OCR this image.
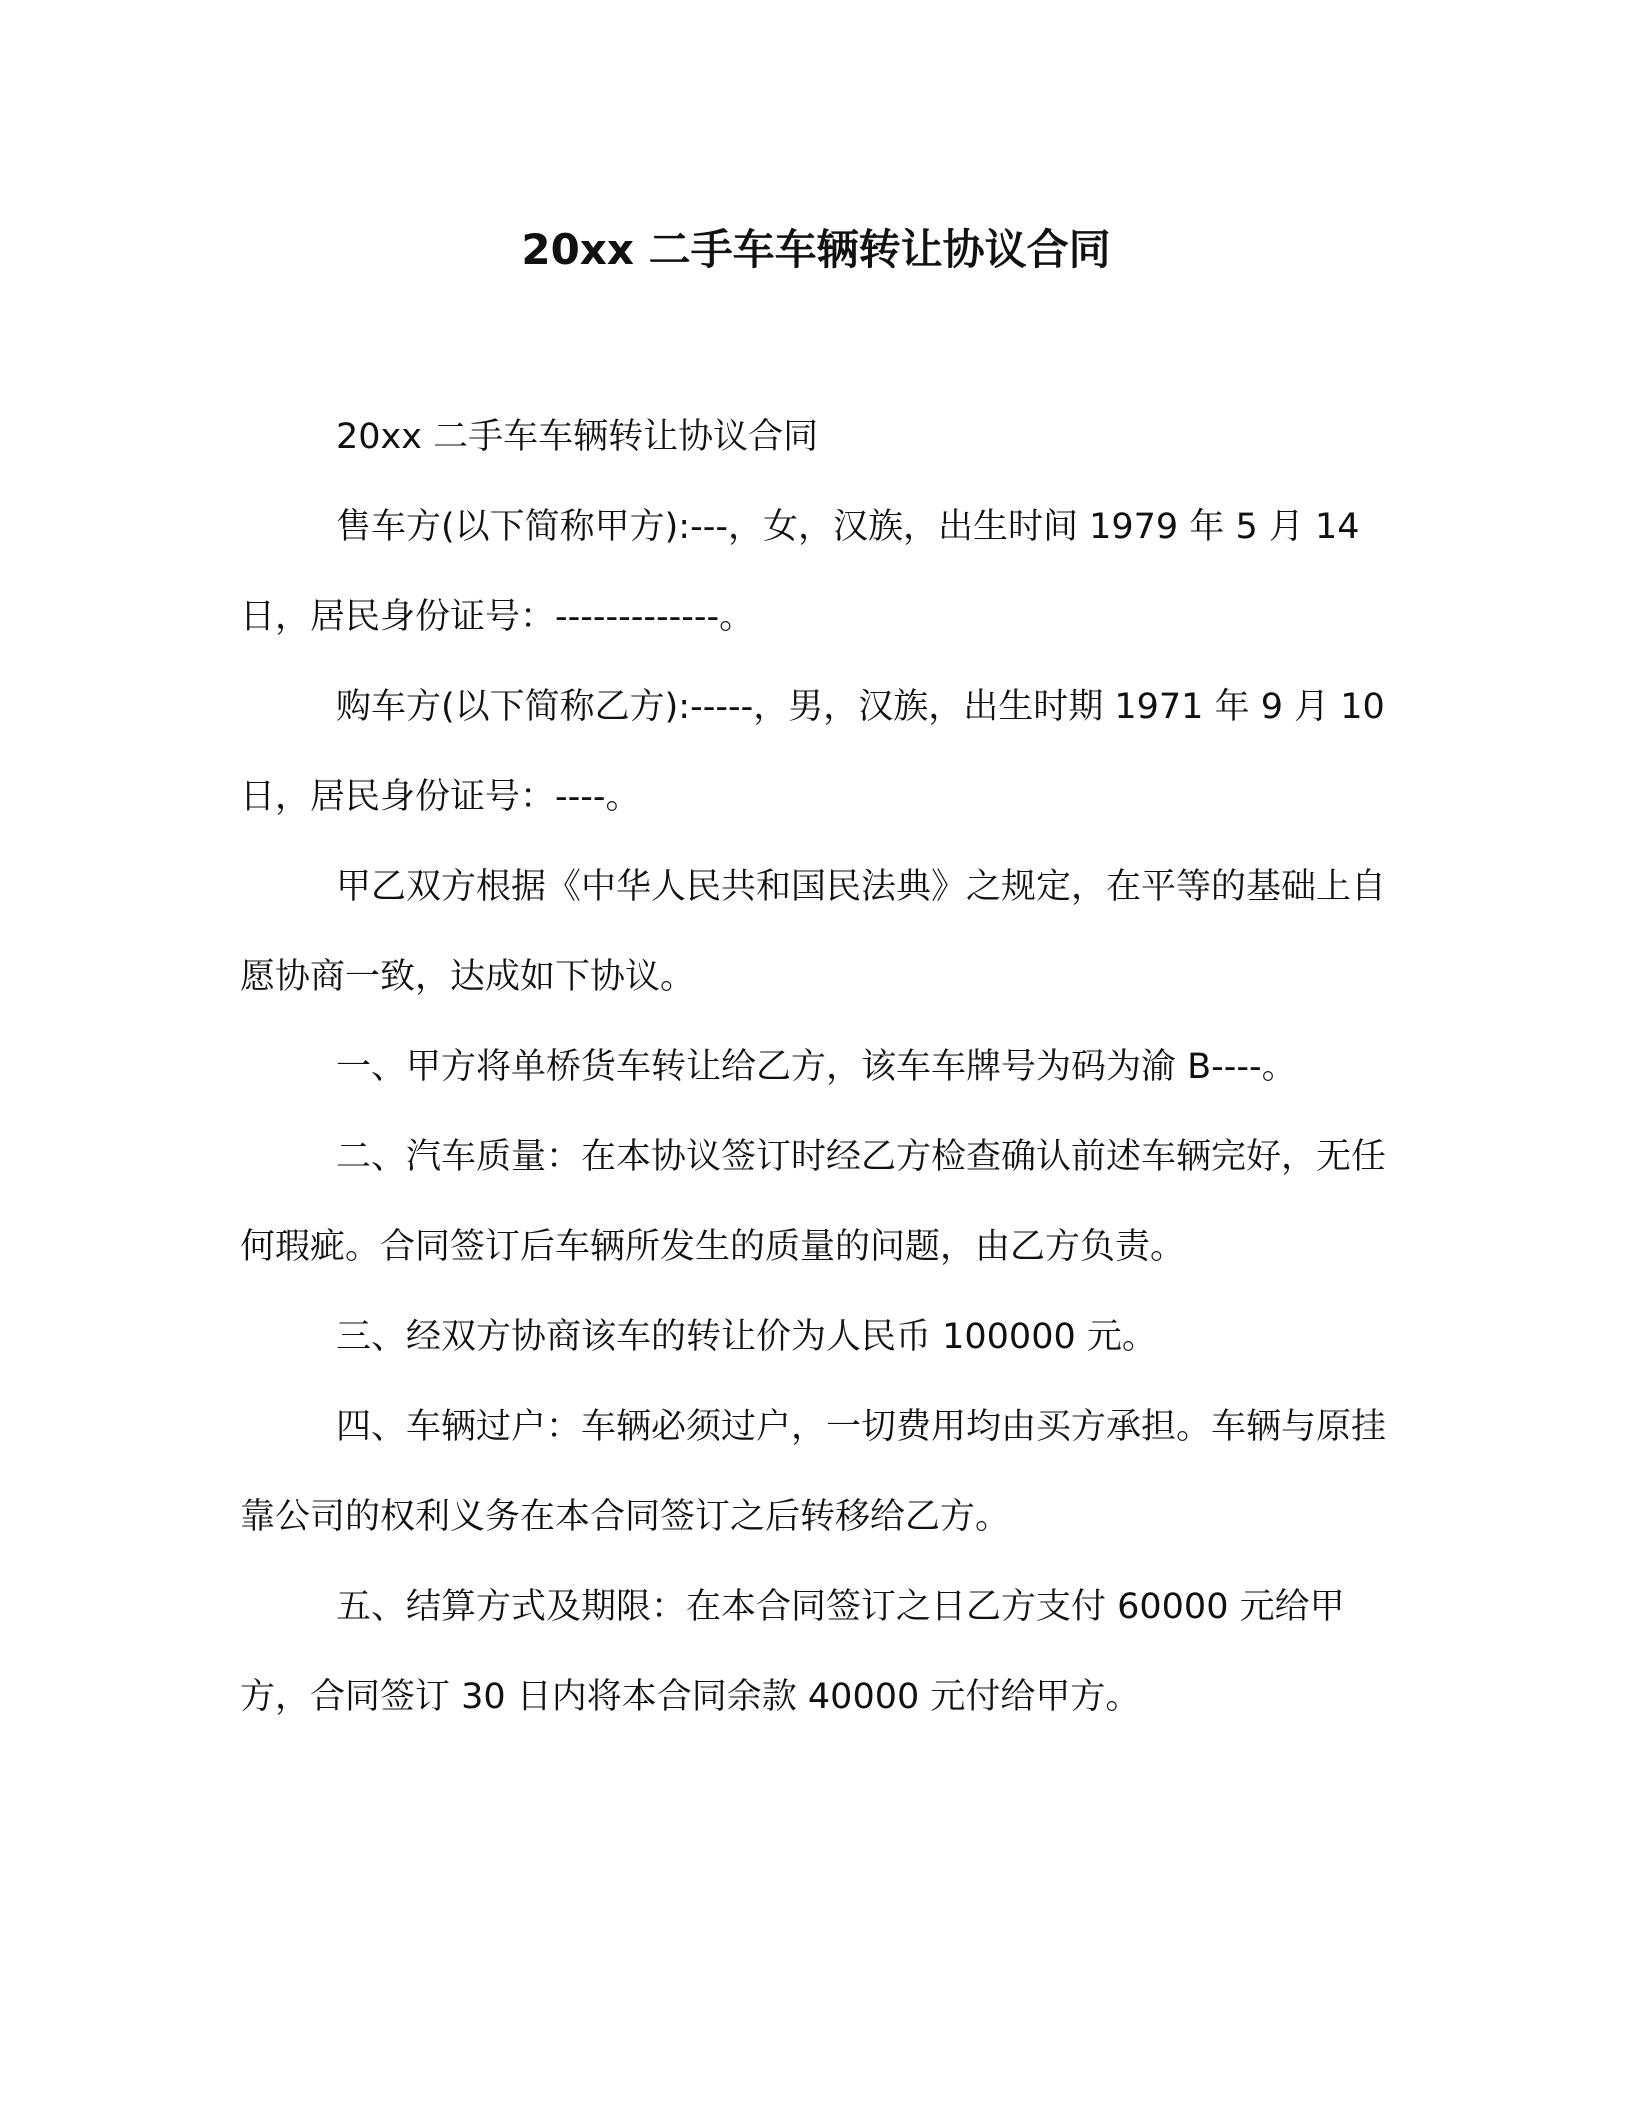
20xx 二手车车辆转让协议合同

20xx 二手车车辆转让协议合同

售车方(以下简称甲方):---，女，汉族，出生时间 1979 年 5 月 14 日，居民身份证号：-------------。

购车方(以下简称乙方):-----，男，汉族，出生时期 1971 年 9 月 10 日，居民身份证号：----。

甲乙双方根据《中华人民共和国民法典》之规定，在平等的基础上自愿协商一致，达成如下协议。

一、甲方将单桥货车转让给乙方，该车车牌号为码为渝 B----。

二、汽车质量：在本协议签订时经乙方检查确认前述车辆完好，无任何瑕疵。合同签订后车辆所发生的质量的问题，由乙方负责。

三、经双方协商该车的转让价为人民币 100000 元。

四、车辆过户：车辆必须过户，一切费用均由买方承担。车辆与原挂靠公司的权利义务在本合同签订之后转移给乙方。

五、结算方式及期限：在本合同签订之日乙方支付 60000 元给甲方，合同签订 30 日内将本合同余款 40000 元付给甲方。
